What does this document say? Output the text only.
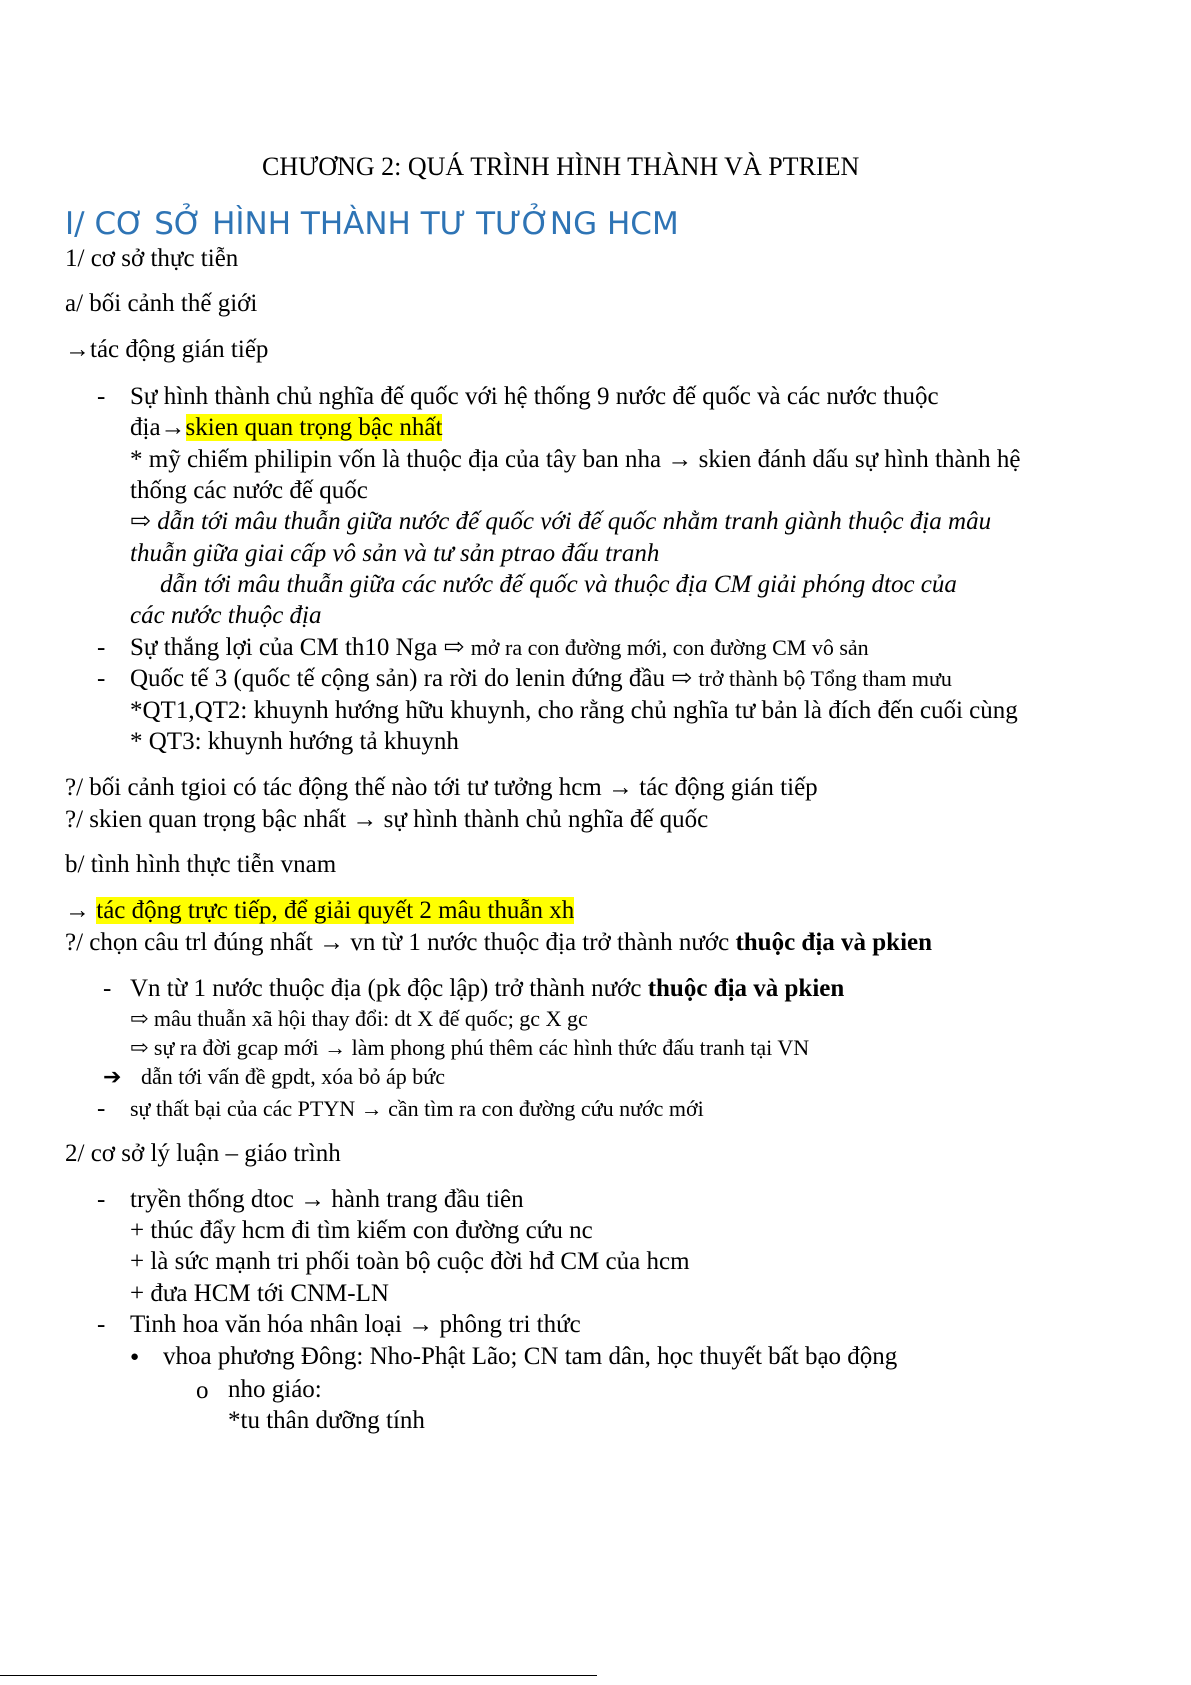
CHƯƠNG 2: QUÁ TRÌNH HÌNH THÀNH VÀ PTRIEN
I/ CƠ SỞ HÌNH THÀNH TƯ TƯỞNG HCM
1/ cơ sở thực tiễn
a/ bối cảnh thế giới
→tác động gián tiếp
- Sự hình thành chủ nghĩa đế quốc với hệ thống 9 nước đế quốc và các nước thuộc
địa→skien quan trọng bậc nhất
* mỹ chiếm philipin vốn là thuộc địa của tây ban nha → skien đánh dấu sự hình thành hệ
thống các nước đế quốc
⇨ dẫn tới mâu thuẫn giữa nước đế quốc với đế quốc nhằm tranh giành thuộc địa mâu
thuẫn giữa giai cấp vô sản và tư sản ptrao đấu tranh
dẫn tới mâu thuẫn giữa các nước đế quốc và thuộc địa CM giải phóng dtoc của
các nước thuộc địa
- Sự thắng lợi của CM th10 Nga ⇨ mở ra con đường mới, con đường CM vô sản
- Quốc tế 3 (quốc tế cộng sản) ra rời do lenin đứng đầu ⇨ trở thành bộ Tổng tham mưu
*QT1,QT2: khuynh hướng hữu khuynh, cho rằng chủ nghĩa tư bản là đích đến cuối cùng
* QT3: khuynh hướng tả khuynh
?/ bối cảnh tgioi có tác động thế nào tới tư tưởng hcm → tác động gián tiếp
?/ skien quan trọng bậc nhất → sự hình thành chủ nghĩa đế quốc
b/ tình hình thực tiễn vnam
→ tác động trực tiếp, để giải quyết 2 mâu thuẫn xh
?/ chọn câu trl đúng nhất → vn từ 1 nước thuộc địa trở thành nước thuộc địa và pkien
- Vn từ 1 nước thuộc địa (pk độc lập) trở thành nước thuộc địa và pkien
⇨ mâu thuẫn xã hội thay đổi: dt X đế quốc; gc X gc
⇨ sự ra đời gcap mới → làm phong phú thêm các hình thức đấu tranh tại VN
➔ dẫn tới vấn đề gpdt, xóa bỏ áp bức
- sự thất bại của các PTYN → cần tìm ra con đường cứu nước mới
2/ cơ sở lý luận – giáo trình
- tryền thống dtoc → hành trang đầu tiên
+ thúc đẩy hcm đi tìm kiếm con đường cứu nc
+ là sức mạnh tri phối toàn bộ cuộc đời hđ CM của hcm
+ đưa HCM tới CNM-LN
- Tinh hoa văn hóa nhân loại → phông tri thức
● vhoa phương Đông: Nho-Phật Lão; CN tam dân, học thuyết bất bạo động
o nho giáo:
*tu thân dưỡng tính
